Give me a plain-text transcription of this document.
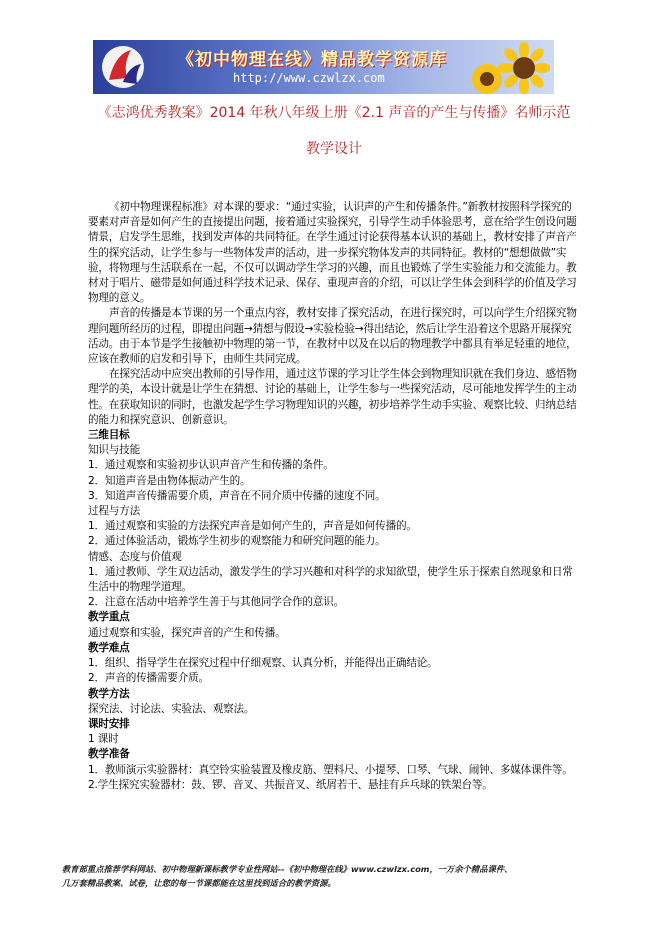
《初中物理在线》精品教学资源库
http://www.czwlzx.com
《志鸿优秀教案》2014 年秋八年级上册《2.1 声音的产生与传播》名师示范
教学设计

《初中物理课程标准》对本课的要求：“通过实验，认识声的产生和传播条件。”新教材按照科学探究的要素对声音是如何产生的直接提出问题，接着通过实验探究，引导学生动手体验思考，意在给学生创设问题情景，启发学生思维，找到发声体的共同特征。在学生通过讨论获得基本认识的基础上，教材安排了声音产生的探究活动，让学生参与一些物体发声的活动，进一步探究物体发声的共同特征。教材的“想想做做”实验，将物理与生活联系在一起，不仅可以调动学生学习的兴趣，而且也锻炼了学生实验能力和交流能力。教材对于唱片、磁带是如何通过科学技术记录、保存、重现声音的介绍，可以让学生体会到科学的价值及学习物理的意义。

声音的传播是本节课的另一个重点内容，教材安排了探究活动，在进行探究时，可以向学生介绍探究物理问题所经历的过程，即提出问题→猜想与假设→实验检验→得出结论，然后让学生沿着这个思路开展探究活动。由于本节是学生接触初中物理的第一节，在教材中以及在以后的物理教学中都具有举足轻重的地位，应该在教师的启发和引导下，由师生共同完成。

在探究活动中应突出教师的引导作用，通过这节课的学习让学生体会到物理知识就在我们身边、感悟物理学的美，本设计就是让学生在猜想、讨论的基础上，让学生参与一些探究活动，尽可能地发挥学生的主动性。在获取知识的同时，也激发起学生学习物理知识的兴趣，初步培养学生动手实验、观察比较、归纳总结的能力和探究意识、创新意识。

三维目标

知识与技能

1．通过观察和实验初步认识声音产生和传播的条件。

2．知道声音是由物体振动产生的。

3．知道声音传播需要介质，声音在不同介质中传播的速度不同。

过程与方法

1．通过观察和实验的方法探究声音是如何产生的，声音是如何传播的。

2．通过体验活动，锻炼学生初步的观察能力和研究问题的能力。

情感、态度与价值观

1．通过教师、学生双边活动，激发学生的学习兴趣和对科学的求知欲望，使学生乐于探索自然现象和日常生活中的物理学道理。

2．注意在活动中培养学生善于与其他同学合作的意识。

教学重点

通过观察和实验，探究声音的产生和传播。

教学难点

1．组织、指导学生在探究过程中仔细观察、认真分析，并能得出正确结论。

2．声音的传播需要介质。

教学方法

探究法、讨论法、实验法、观察法。

课时安排

1 课时

教学准备

1．教师演示实验器材：真空铃实验装置及橡皮筋、塑料尺、小提琴、口琴、气球、闹钟、多媒体课件等。

2.学生探究实验器材：鼓、锣、音叉、共振音叉、纸屑若干、悬挂有乒乓球的铁架台等。

教育部重点推荐学科网站、初中物理新课标教学专业性网站--《初中物理在线》www.czwlzx.com，一万余个精品课件、
几万套精品教案、试卷，让您的每一节课都能在这里找到适合的教学资源。
